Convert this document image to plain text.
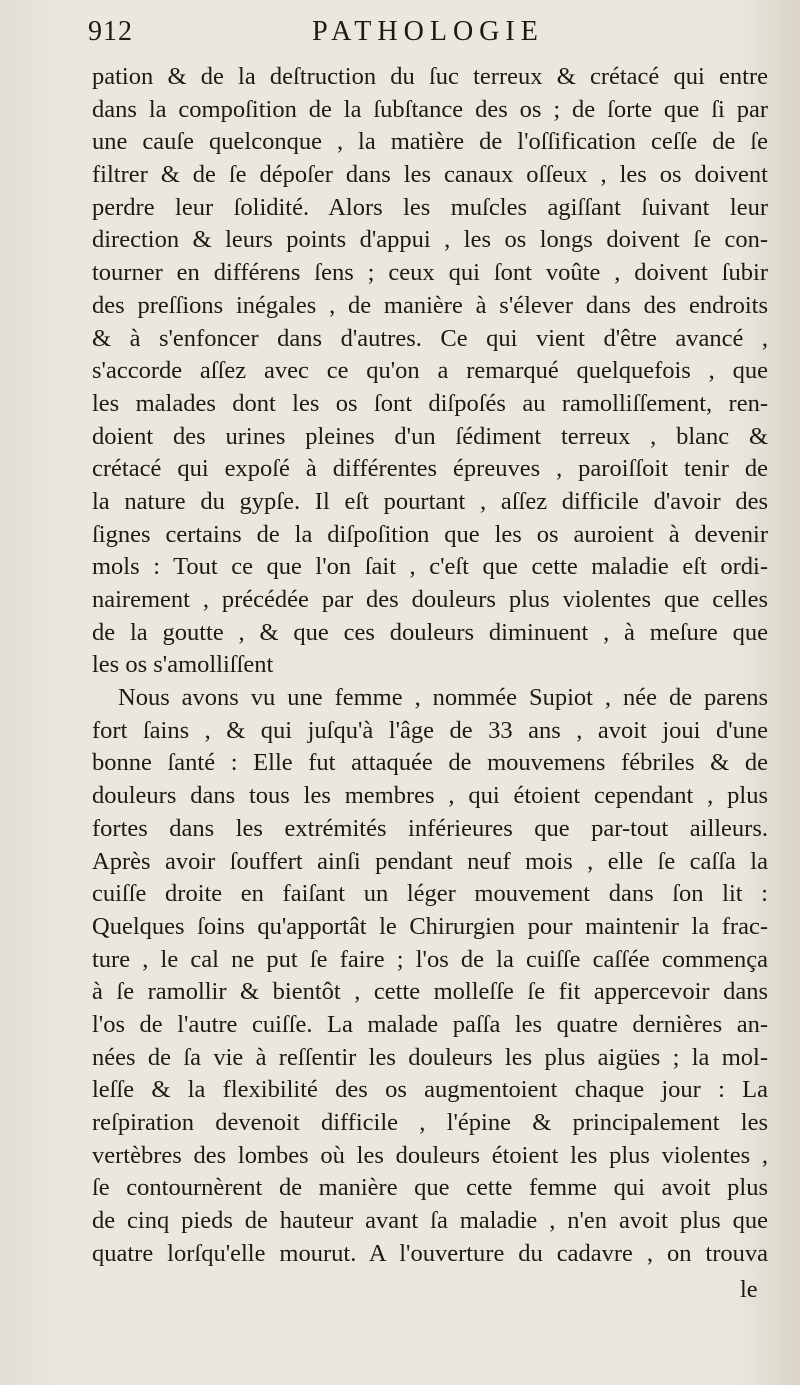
912	PATHOLOGIE
pation & de la deſtruction du ſuc terreux & crétacé qui entre
dans la compoſition de la ſubſtance des os ; de ſorte que ſi par
une cauſe quelconque , la matière de l'oſſification ceſſe de ſe
filtrer & de ſe dépoſer dans les canaux oſſeux , les os doivent
perdre leur ſolidité. Alors les muſcles agiſſant ſuivant leur
direction & leurs points d'appui , les os longs doivent ſe con-
tourner en différens ſens ; ceux qui ſont voûte , doivent ſubir
des preſſions inégales , de manière à s'élever dans des endroits
& à s'enfoncer dans d'autres. Ce qui vient d'être avancé ,
s'accorde aſſez avec ce qu'on a remarqué quelquefois , que
les malades dont les os ſont diſpoſés au ramolliſſement, ren-
doient des urines pleines d'un ſédiment terreux , blanc &
crétacé qui expoſé à différentes épreuves , paroiſſoit tenir de
la nature du gypſe. Il eſt pourtant , aſſez difficile d'avoir des
ſignes certains de la diſpoſition que les os auroient à devenir
mols : Tout ce que l'on ſait , c'eſt que cette maladie eſt ordi-
nairement , précédée par des douleurs plus violentes que celles
de la goutte , & que ces douleurs diminuent , à meſure que
les os s'amolliſſent
Nous avons vu une femme , nommée Supiot , née de parens
fort ſains , & qui juſqu'à l'âge de 33 ans , avoit joui d'une
bonne ſanté : Elle fut attaquée de mouvemens fébriles & de
douleurs dans tous les membres , qui étoient cependant , plus
fortes dans les extrémités inférieures que par-tout ailleurs.
Après avoir ſouffert ainſi pendant neuf mois , elle ſe caſſa la
cuiſſe droite en faiſant un léger mouvement dans ſon lit :
Quelques ſoins qu'apportât le Chirurgien pour maintenir la frac-
ture , le cal ne put ſe faire ; l'os de la cuiſſe caſſée commença
à ſe ramollir & bientôt , cette molleſſe ſe fit appercevoir dans
l'os de l'autre cuiſſe. La malade paſſa les quatre dernières an-
nées de ſa vie à reſſentir les douleurs les plus aigües ; la mol-
leſſe & la flexibilité des os augmentoient chaque jour : La
reſpiration devenoit difficile , l'épine & principalement les
vertèbres des lombes où les douleurs étoient les plus violentes ,
ſe contournèrent de manière que cette femme qui avoit plus
de cinq pieds de hauteur avant ſa maladie , n'en avoit plus que
quatre lorſqu'elle mourut. A l'ouverture du cadavre , on trouva
le
